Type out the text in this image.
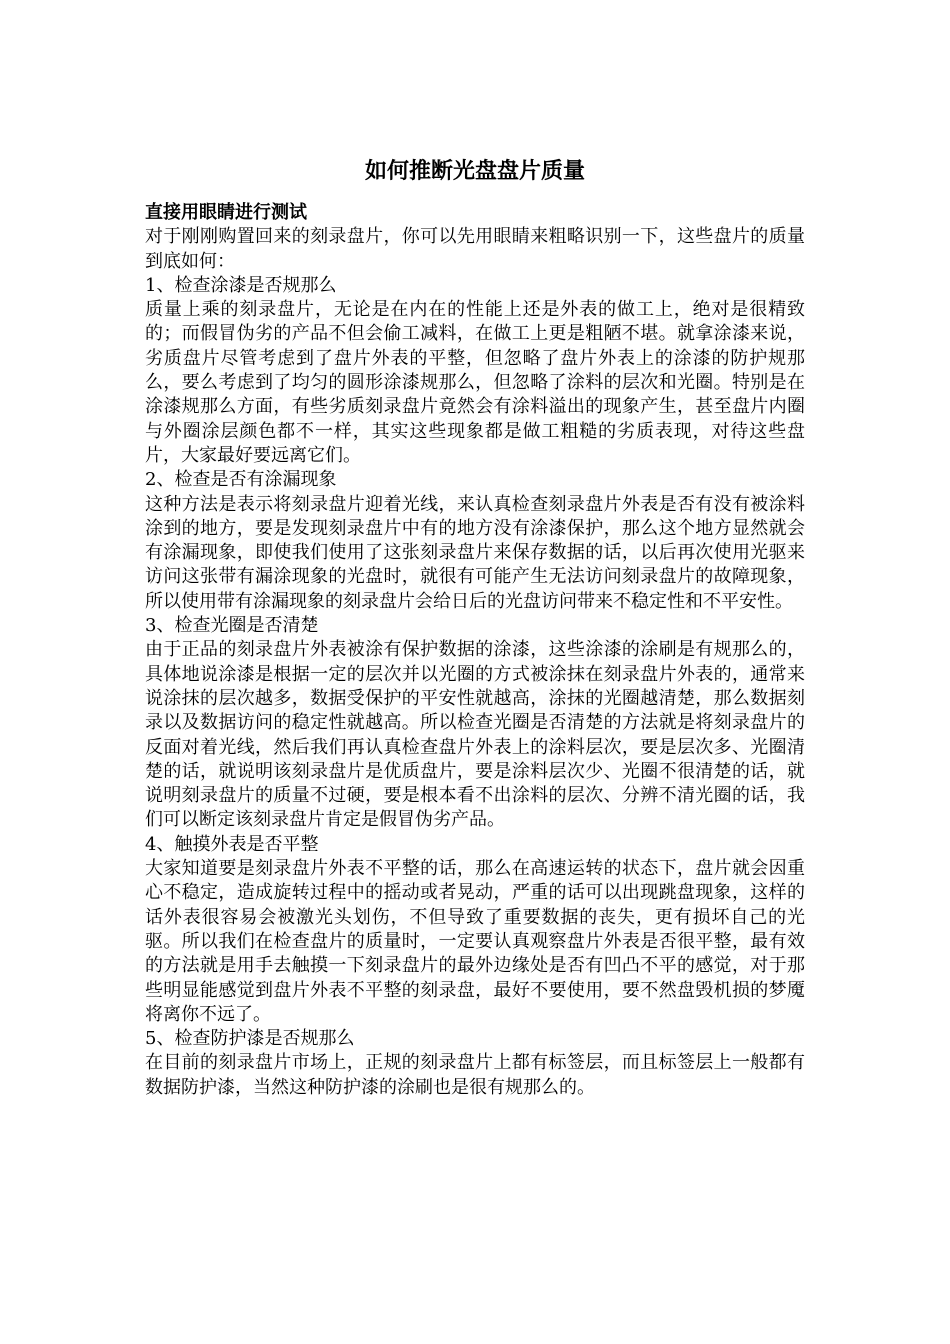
如何推断光盘盘片质量

直接用眼睛进行测试

对于刚刚购置回来的刻录盘片，你可以先用眼睛来粗略识别一下，这些盘片的质量到底如何：

1、检查涂漆是否规那么

质量上乘的刻录盘片，无论是在内在的性能上还是外表的做工上，绝对是很精致的；而假冒伪劣的产品不但会偷工减料，在做工上更是粗陋不堪。就拿涂漆来说，劣质盘片尽管考虑到了盘片外表的平整，但忽略了盘片外表上的涂漆的防护规那么，要么考虑到了均匀的圆形涂漆规那么，但忽略了涂料的层次和光圈。特别是在涂漆规那么方面，有些劣质刻录盘片竟然会有涂料溢出的现象产生，甚至盘片内圈与外圈涂层颜色都不一样，其实这些现象都是做工粗糙的劣质表现，对待这些盘片，大家最好要远离它们。

2、检查是否有涂漏现象

这种方法是表示将刻录盘片迎着光线，来认真检查刻录盘片外表是否有没有被涂料涂到的地方，要是发现刻录盘片中有的地方没有涂漆保护，那么这个地方显然就会有涂漏现象，即使我们使用了这张刻录盘片来保存数据的话，以后再次使用光驱来访问这张带有漏涂现象的光盘时，就很有可能产生无法访问刻录盘片的故障现象，所以使用带有涂漏现象的刻录盘片会给日后的光盘访问带来不稳定性和不平安性。

3、检查光圈是否清楚

由于正品的刻录盘片外表被涂有保护数据的涂漆，这些涂漆的涂刷是有规那么的，具体地说涂漆是根据一定的层次并以光圈的方式被涂抹在刻录盘片外表的，通常来说涂抹的层次越多，数据受保护的平安性就越高，涂抹的光圈越清楚，那么数据刻录以及数据访问的稳定性就越高。所以检查光圈是否清楚的方法就是将刻录盘片的反面对着光线，然后我们再认真检查盘片外表上的涂料层次，要是层次多、光圈清楚的话，就说明该刻录盘片是优质盘片，要是涂料层次少、光圈不很清楚的话，就说明刻录盘片的质量不过硬，要是根本看不出涂料的层次、分辨不清光圈的话，我们可以断定该刻录盘片肯定是假冒伪劣产品。

4、触摸外表是否平整

大家知道要是刻录盘片外表不平整的话，那么在高速运转的状态下，盘片就会因重心不稳定，造成旋转过程中的摇动或者晃动，严重的话可以出现跳盘现象，这样的话外表很容易会被激光头划伤，不但导致了重要数据的丧失，更有损坏自己的光驱。所以我们在检查盘片的质量时，一定要认真观察盘片外表是否很平整，最有效的方法就是用手去触摸一下刻录盘片的最外边缘处是否有凹凸不平的感觉，对于那些明显能感觉到盘片外表不平整的刻录盘，最好不要使用，要不然盘毁机损的梦魇将离你不远了。

5、检查防护漆是否规那么

在目前的刻录盘片市场上，正规的刻录盘片上都有标签层，而且标签层上一般都有数据防护漆，当然这种防护漆的涂刷也是很有规那么的。
